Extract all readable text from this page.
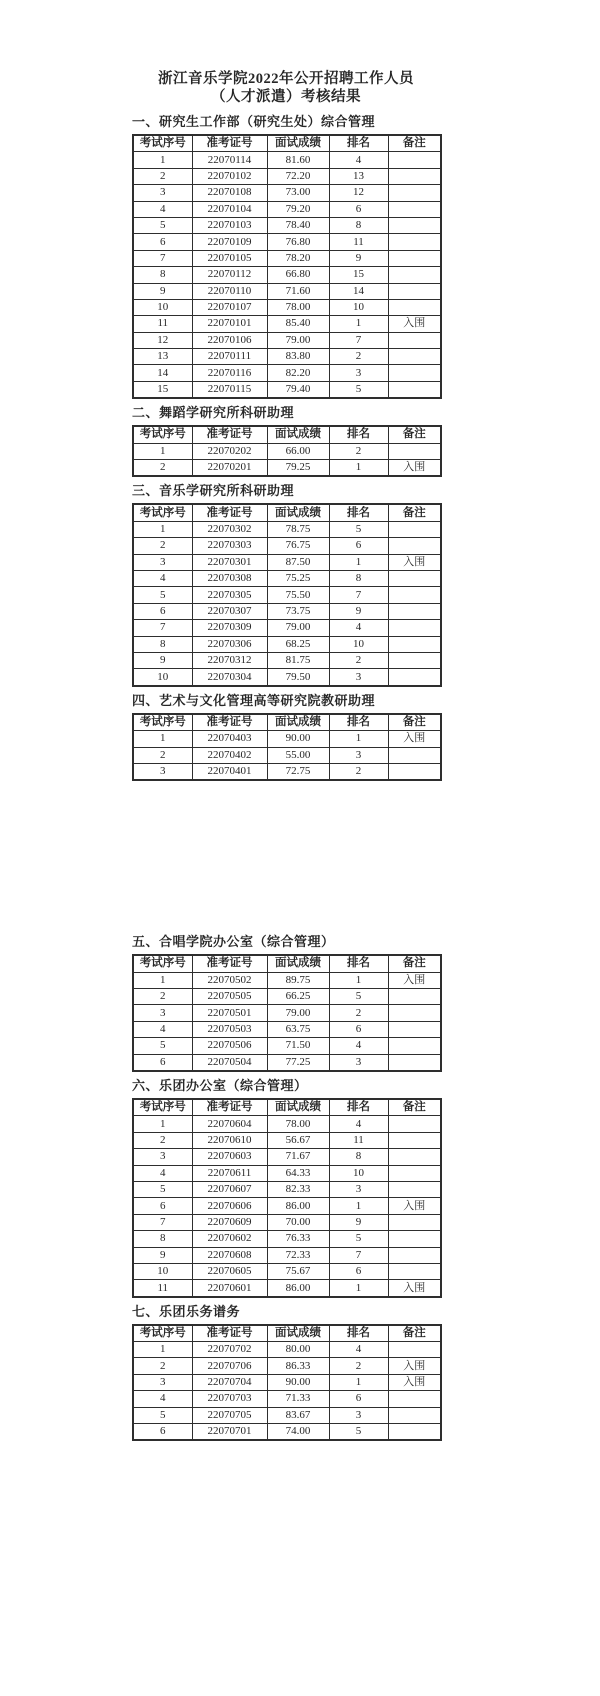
浙江音乐学院2022年公开招聘工作人员
（人才派遣）考核结果
一、研究生工作部（研究生处）综合管理
考试序号	准考证号	面试成绩	排名	备注
1	22070114	81.60	4	
2	22070102	72.20	13	
3	22070108	73.00	12	
4	22070104	79.20	6	
5	22070103	78.40	8	
6	22070109	76.80	11	
7	22070105	78.20	9	
8	22070112	66.80	15	
9	22070110	71.60	14	
10	22070107	78.00	10	
11	22070101	85.40	1	入围
12	22070106	79.00	7	
13	22070111	83.80	2	
14	22070116	82.20	3	
15	22070115	79.40	5	
二、舞蹈学研究所科研助理
考试序号	准考证号	面试成绩	排名	备注
1	22070202	66.00	2	
2	22070201	79.25	1	入围
三、音乐学研究所科研助理
考试序号	准考证号	面试成绩	排名	备注
1	22070302	78.75	5	
2	22070303	76.75	6	
3	22070301	87.50	1	入围
4	22070308	75.25	8	
5	22070305	75.50	7	
6	22070307	73.75	9	
7	22070309	79.00	4	
8	22070306	68.25	10	
9	22070312	81.75	2	
10	22070304	79.50	3	
四、艺术与文化管理高等研究院教研助理
考试序号	准考证号	面试成绩	排名	备注
1	22070403	90.00	1	入围
2	22070402	55.00	3	
3	22070401	72.75	2	
五、合唱学院办公室（综合管理）
考试序号	准考证号	面试成绩	排名	备注
1	22070502	89.75	1	入围
2	22070505	66.25	5	
3	22070501	79.00	2	
4	22070503	63.75	6	
5	22070506	71.50	4	
6	22070504	77.25	3	
六、乐团办公室（综合管理）
考试序号	准考证号	面试成绩	排名	备注
1	22070604	78.00	4	
2	22070610	56.67	11	
3	22070603	71.67	8	
4	22070611	64.33	10	
5	22070607	82.33	3	
6	22070606	86.00	1	入围
7	22070609	70.00	9	
8	22070602	76.33	5	
9	22070608	72.33	7	
10	22070605	75.67	6	
11	22070601	86.00	1	入围
七、乐团乐务谱务
考试序号	准考证号	面试成绩	排名	备注
1	22070702	80.00	4	
2	22070706	86.33	2	入围
3	22070704	90.00	1	入围
4	22070703	71.33	6	
5	22070705	83.67	3	
6	22070701	74.00	5	
